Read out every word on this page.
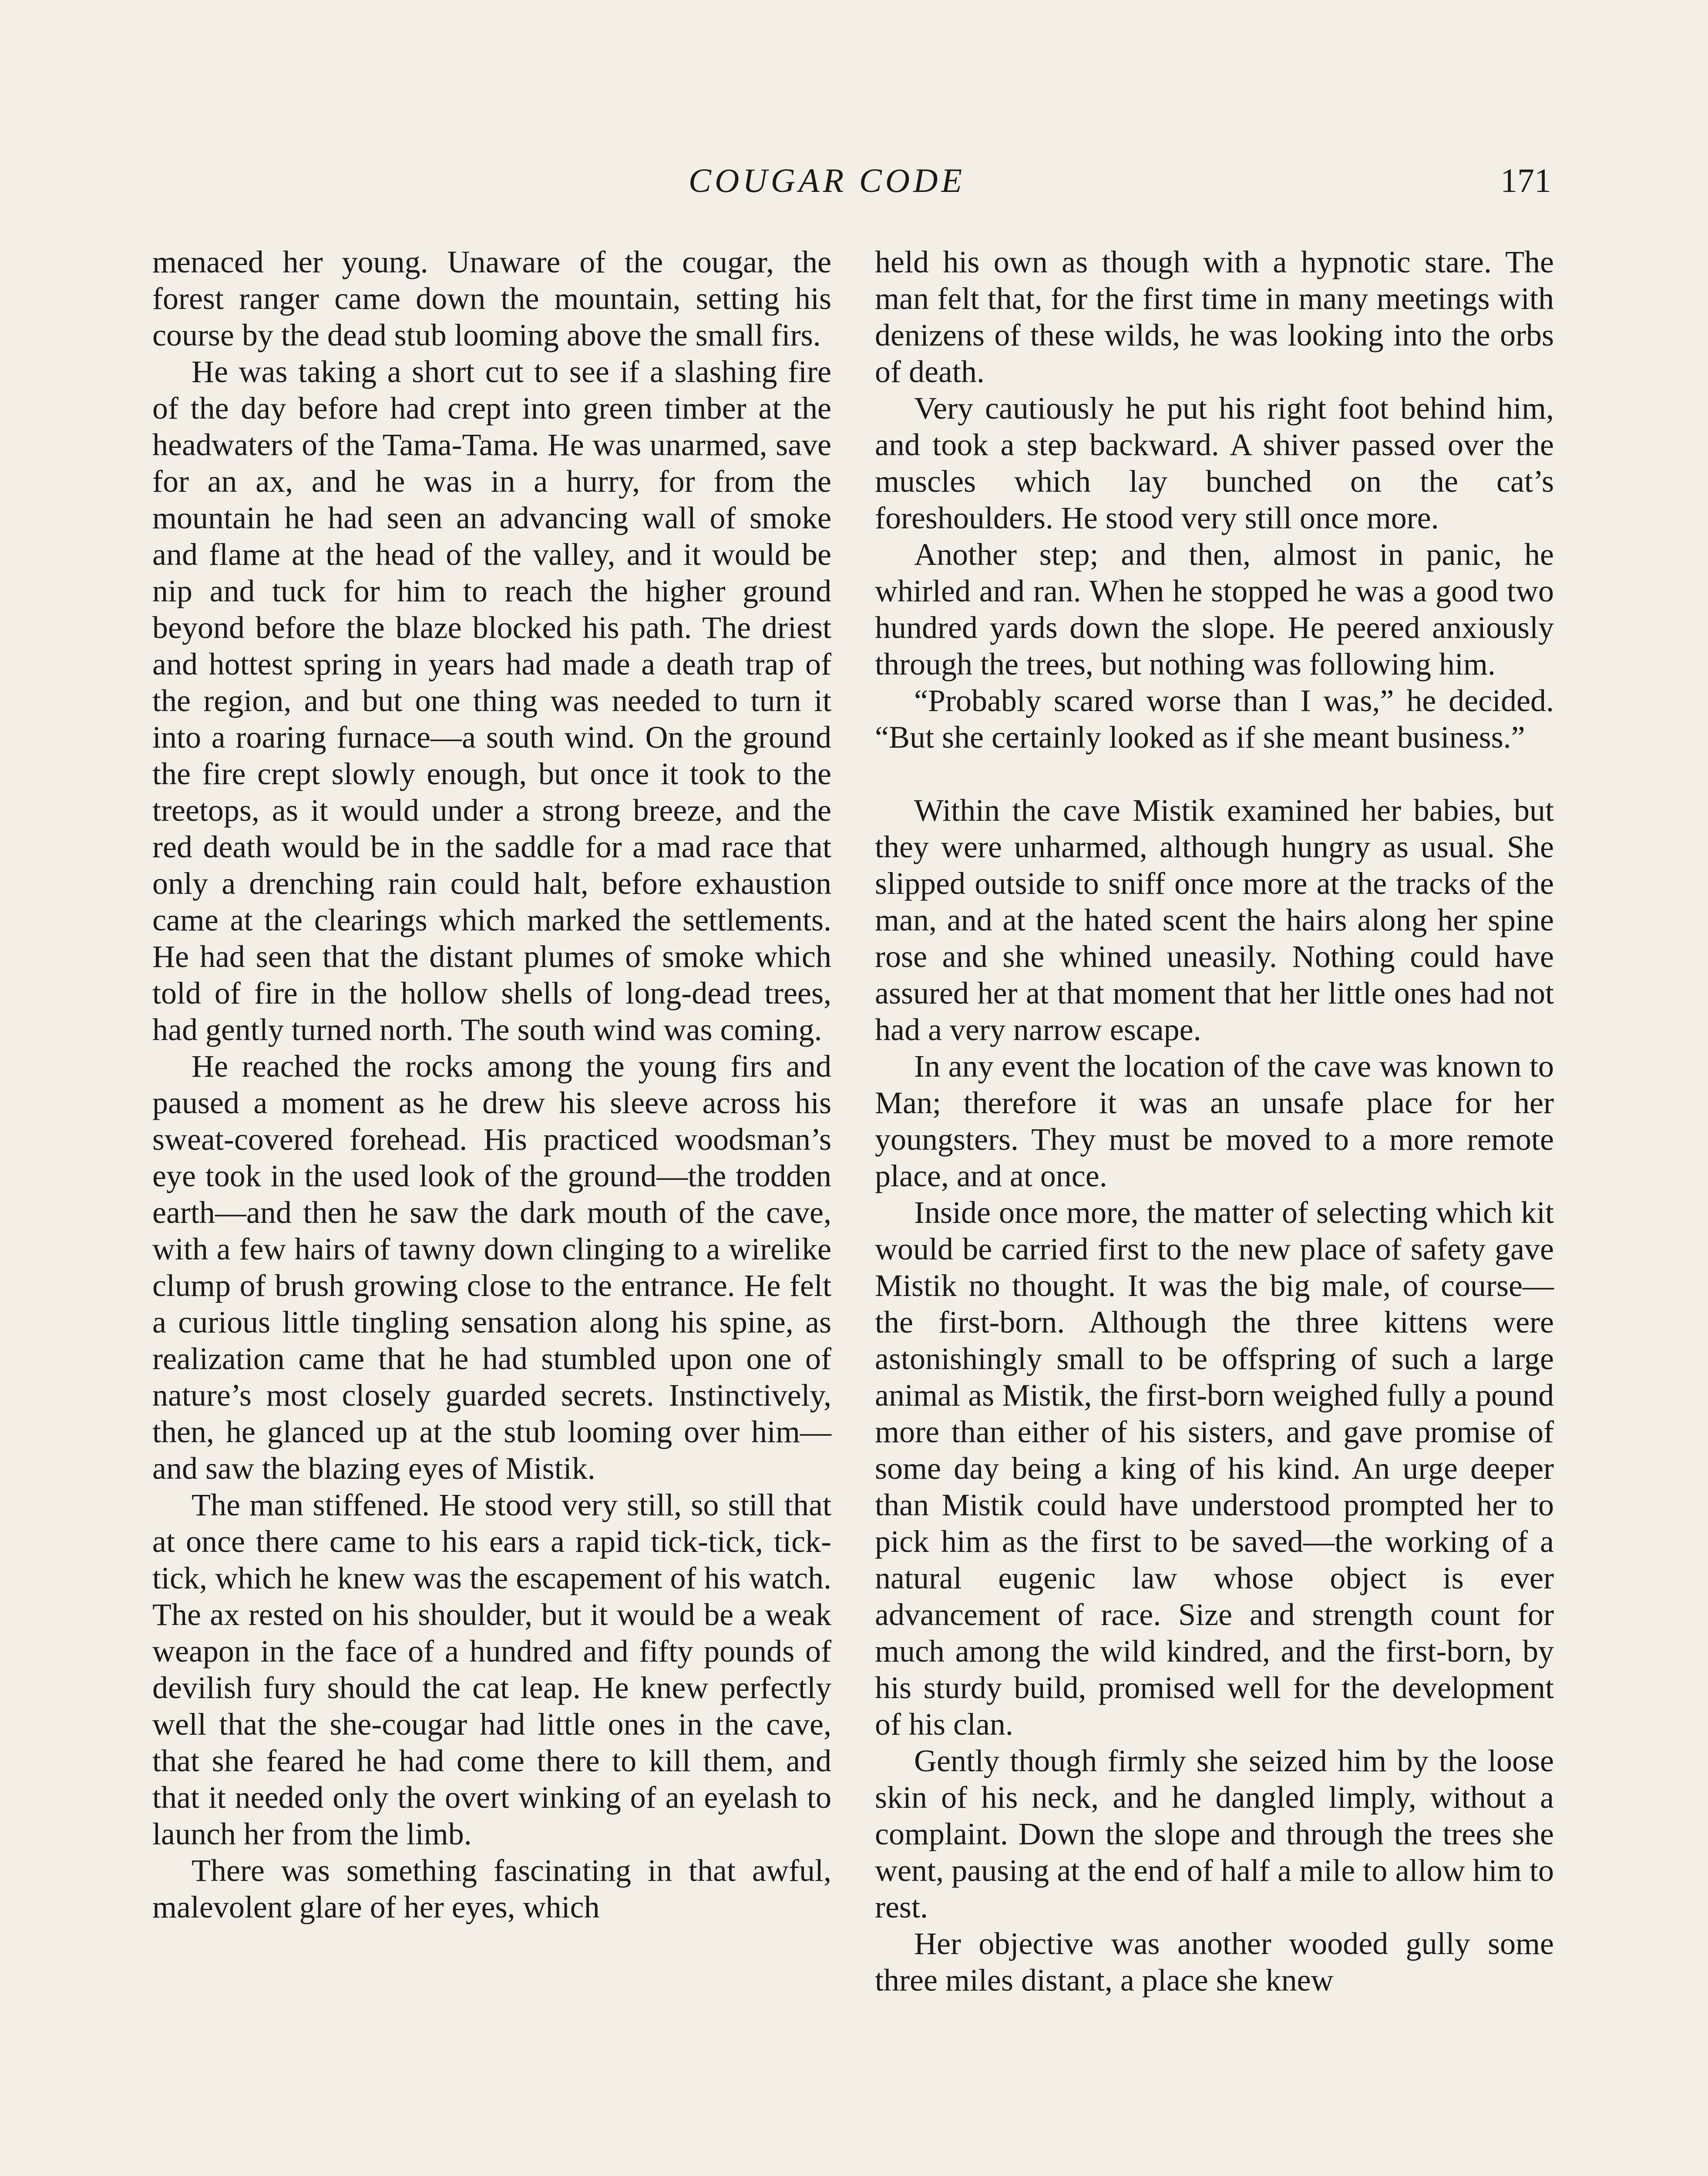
COUGAR CODE	171

menaced her young. Unaware of the cougar, the forest ranger came down the mountain, setting his course by the dead stub looming above the small firs.

He was taking a short cut to see if a slashing fire of the day before had crept into green timber at the headwaters of the Tama-Tama. He was unarmed, save for an ax, and he was in a hurry, for from the mountain he had seen an advancing wall of smoke and flame at the head of the valley, and it would be nip and tuck for him to reach the higher ground beyond before the blaze blocked his path. The driest and hottest spring in years had made a death trap of the region, and but one thing was needed to turn it into a roaring furnace—a south wind. On the ground the fire crept slowly enough, but once it took to the treetops, as it would under a strong breeze, and the red death would be in the saddle for a mad race that only a drenching rain could halt, before exhaustion came at the clearings which marked the settlements. He had seen that the distant plumes of smoke which told of fire in the hollow shells of long-dead trees, had gently turned north. The south wind was coming.

He reached the rocks among the young firs and paused a moment as he drew his sleeve across his sweat-covered forehead. His practiced woodsman’s eye took in the used look of the ground—the trodden earth—and then he saw the dark mouth of the cave, with a few hairs of tawny down clinging to a wirelike clump of brush growing close to the entrance. He felt a curious little tingling sensation along his spine, as realization came that he had stumbled upon one of nature’s most closely guarded secrets. Instinctively, then, he glanced up at the stub looming over him—and saw the blazing eyes of Mistik.

The man stiffened. He stood very still, so still that at once there came to his ears a rapid tick-tick, tick-tick, which he knew was the escapement of his watch. The ax rested on his shoulder, but it would be a weak weapon in the face of a hundred and fifty pounds of devilish fury should the cat leap. He knew perfectly well that the she-cougar had little ones in the cave, that she feared he had come there to kill them, and that it needed only the overt winking of an eyelash to launch her from the limb.

There was something fascinating in that awful, malevolent glare of her eyes, which

held his own as though with a hypnotic stare. The man felt that, for the first time in many meetings with denizens of these wilds, he was looking into the orbs of death.

Very cautiously he put his right foot behind him, and took a step backward. A shiver passed over the muscles which lay bunched on the cat’s foreshoulders. He stood very still once more.

Another step; and then, almost in panic, he whirled and ran. When he stopped he was a good two hundred yards down the slope. He peered anxiously through the trees, but nothing was following him.

“Probably scared worse than I was,” he decided. “But she certainly looked as if she meant business.”

Within the cave Mistik examined her babies, but they were unharmed, although hungry as usual. She slipped outside to sniff once more at the tracks of the man, and at the hated scent the hairs along her spine rose and she whined uneasily. Nothing could have assured her at that moment that her little ones had not had a very narrow escape.

In any event the location of the cave was known to Man; therefore it was an unsafe place for her youngsters. They must be moved to a more remote place, and at once.

Inside once more, the matter of selecting which kit would be carried first to the new place of safety gave Mistik no thought. It was the big male, of course—the first-born. Although the three kittens were astonishingly small to be offspring of such a large animal as Mistik, the first-born weighed fully a pound more than either of his sisters, and gave promise of some day being a king of his kind. An urge deeper than Mistik could have understood prompted her to pick him as the first to be saved—the working of a natural eugenic law whose object is ever advancement of race. Size and strength count for much among the wild kindred, and the first-born, by his sturdy build, promised well for the development of his clan.

Gently though firmly she seized him by the loose skin of his neck, and he dangled limply, without a complaint. Down the slope and through the trees she went, pausing at the end of half a mile to allow him to rest.

Her objective was another wooded gully some three miles distant, a place she knew
